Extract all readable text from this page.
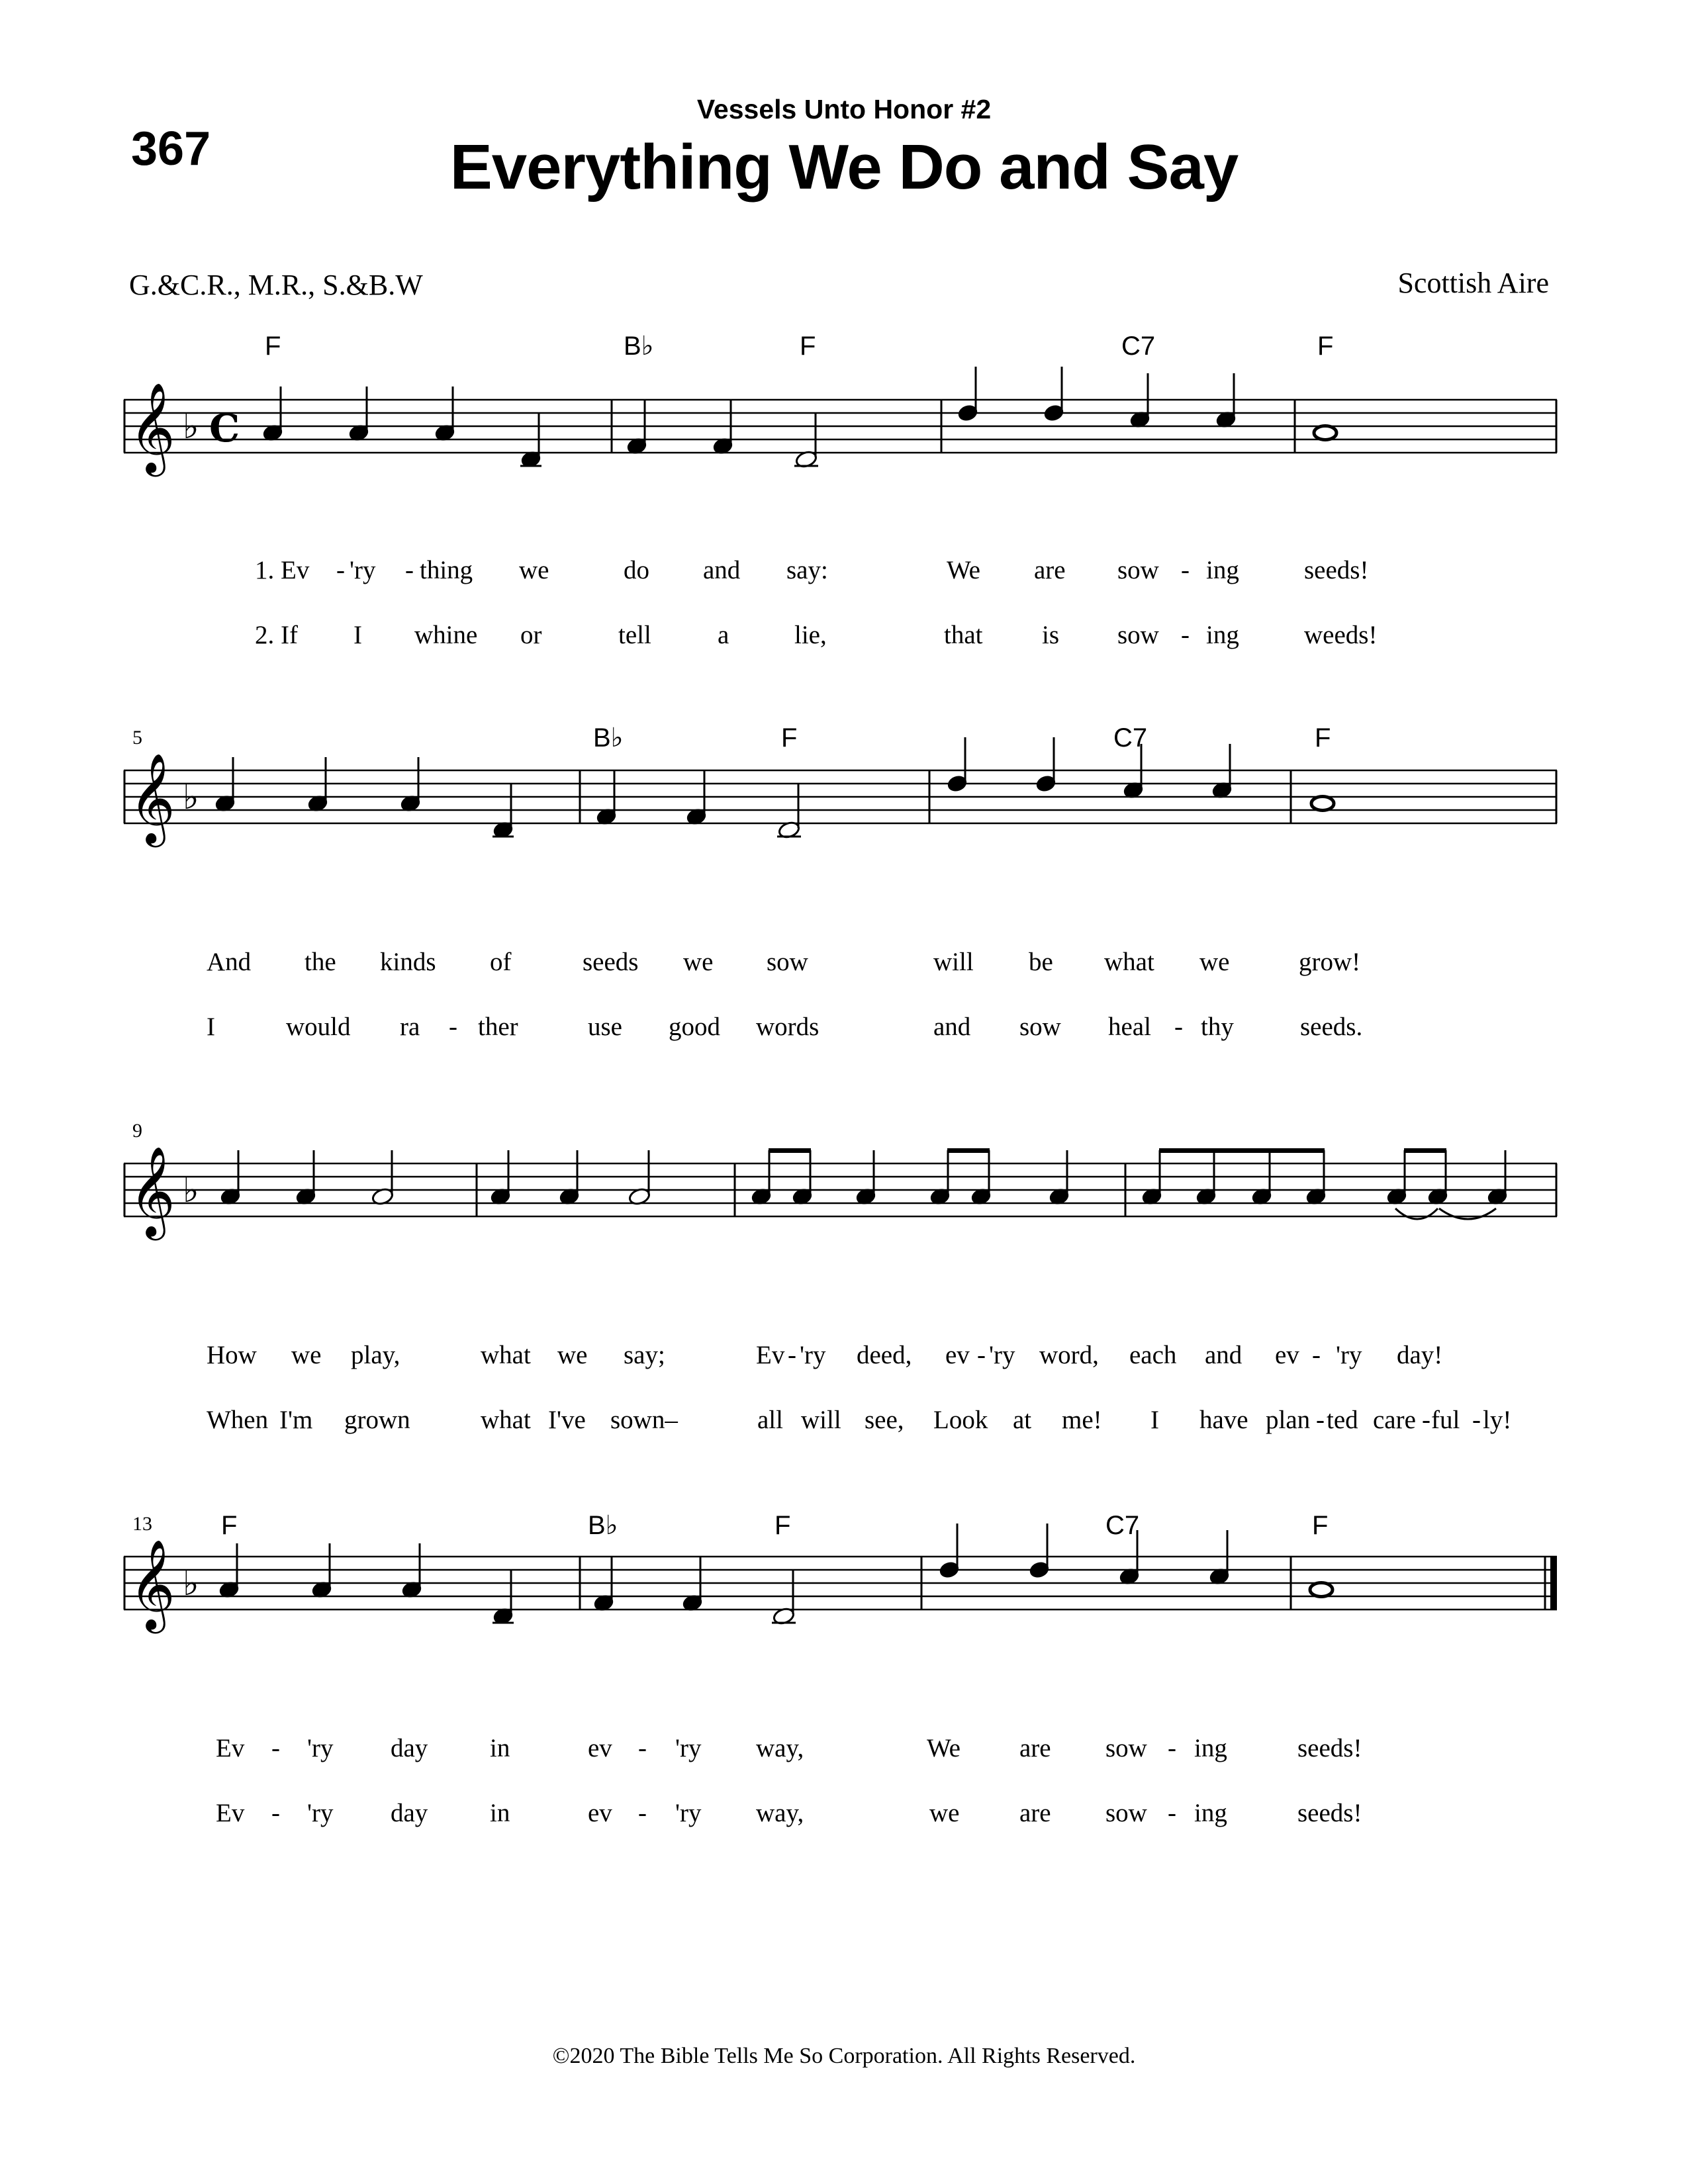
367
Vessels Unto Honor #2
Everything We Do and Say
G.&C.R., M.R., S.&B.W	Scottish Aire
𝄞 ♭ C
F	B♭	F	C7	F
1. Ev - 'ry - thing we	do and say:	We are sow - ing	seeds!
2. If I whine or	tell	a	lie,	that is sow - ing	weeds!
5
𝄞 ♭
B♭	F	C7	F
And the kinds of	seeds we sow	will be what we	grow!
I	would ra - ther	use good words	and sow heal - thy	seeds.
9
𝄞 ♭
How we play,	what we say;	Ev - 'ry deed, ev - 'ry word, each and ev - 'ry day!
When I'm grown	what I've sown–	all will see, Look at me! I have plan - ted care - ful - ly!
13
𝄞 ♭
F	B♭	F	C7	F
Ev - 'ry day in	ev - 'ry way,	We are sow - ing	seeds!
Ev - 'ry day in	ev - 'ry way,	we are sow - ing	seeds!
©2020 The Bible Tells Me So Corporation. All Rights Reserved.
